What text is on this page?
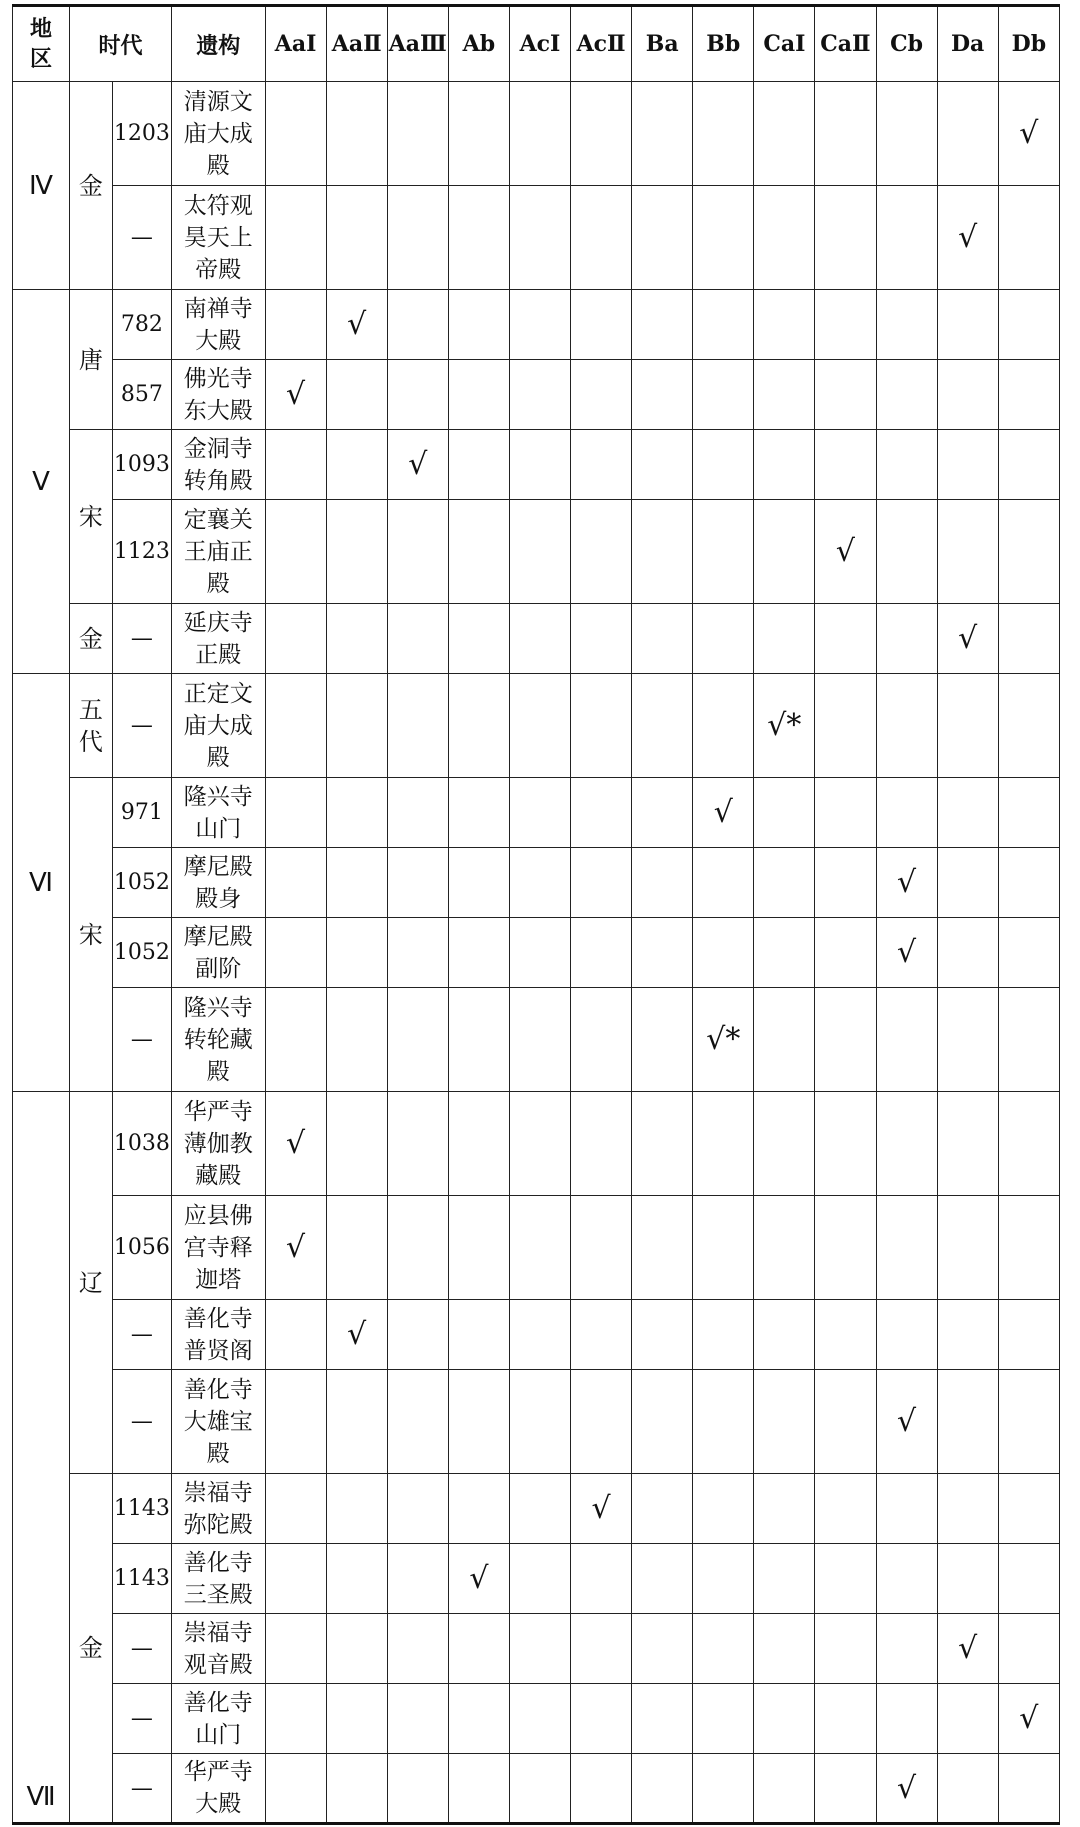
地区	时代		遗构	AaⅠ	AaⅡ	AaⅢ	Ab	AcⅠ	AcⅡ	Ba	Bb	CaⅠ	CaⅡ	Cb	Da	Db
Ⅳ	金	1203	清源文庙大成殿													√
		—	太符观昊天上帝殿												√	
Ⅴ	唐	782	南禅寺大殿		√											
		857	佛光寺东大殿	√												
	宋	1093	金洞寺转角殿			√										
		1123	定襄关王庙正殿										√			
	金	—	延庆寺正殿												√	
Ⅵ	五代	—	正定文庙大成殿									√*				
	宋	971	隆兴寺山门								√					
		1052	摩尼殿殿身											√		
		1052	摩尼殿副阶											√		
		—	隆兴寺转轮藏殿								√*					
Ⅶ	辽	1038	华严寺薄伽教藏殿	√												
		1056	应县佛宫寺释迦塔	√												
		—	善化寺普贤阁		√											
		—	善化寺大雄宝殿											√		
	金	1143	崇福寺弥陀殿						√							
		1143	善化寺三圣殿				√									
		—	崇福寺观音殿												√	
		—	善化寺山门													√
		—	华严寺大殿											√		
